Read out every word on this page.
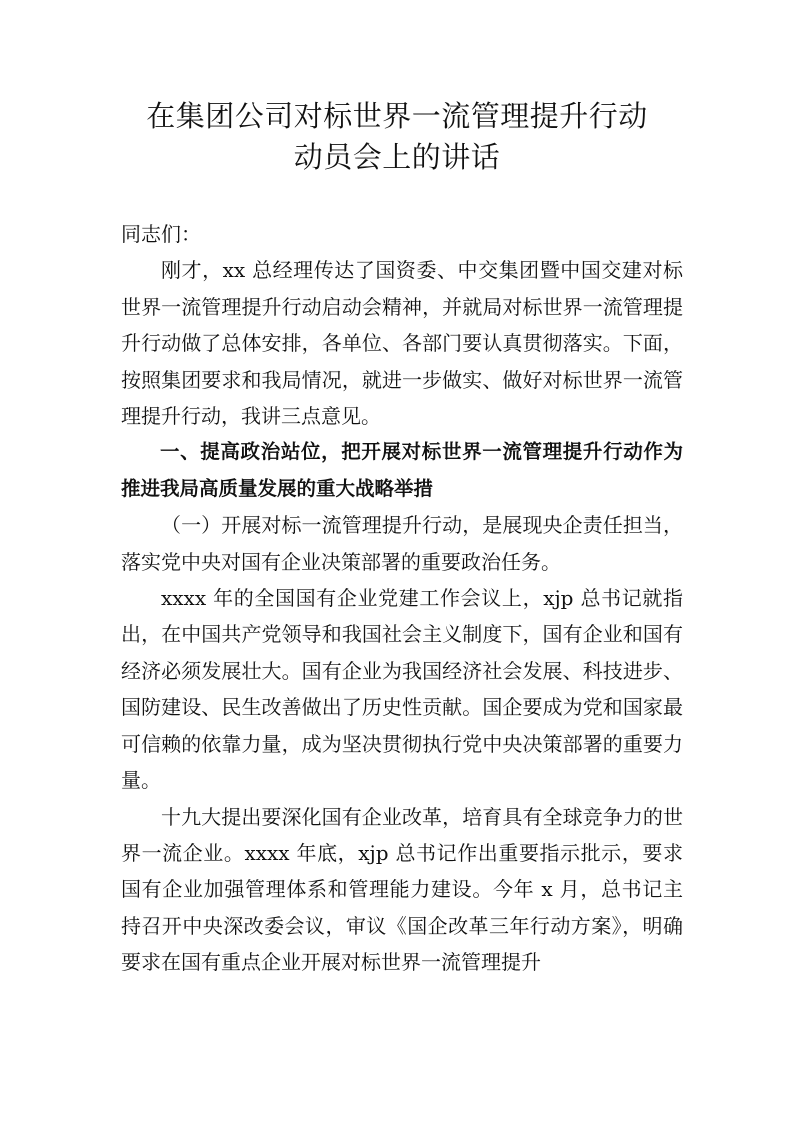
在集团公司对标世界一流管理提升行动
动员会上的讲话

同志们：

刚才，xx 总经理传达了国资委、中交集团暨中国交建对标世界一流管理提升行动启动会精神，并就局对标世界一流管理提升行动做了总体安排，各单位、各部门要认真贯彻落实。下面，按照集团要求和我局情况，就进一步做实、做好对标世界一流管理提升行动，我讲三点意见。

一、提高政治站位，把开展对标世界一流管理提升行动作为推进我局高质量发展的重大战略举措

（一）开展对标一流管理提升行动，是展现央企责任担当，落实党中央对国有企业决策部署的重要政治任务。

xxxx 年的全国国有企业党建工作会议上，xjp 总书记就指出，在中国共产党领导和我国社会主义制度下，国有企业和国有经济必须发展壮大。国有企业为我国经济社会发展、科技进步、国防建设、民生改善做出了历史性贡献。国企要成为党和国家最可信赖的依靠力量，成为坚决贯彻执行党中央决策部署的重要力量。

十九大提出要深化国有企业改革，培育具有全球竞争力的世界一流企业。xxxx 年底，xjp 总书记作出重要指示批示，要求国有企业加强管理体系和管理能力建设。今年 x 月，总书记主持召开中央深改委会议，审议《国企改革三年行动方案》，明确要求在国有重点企业开展对标世界一流管理提升
